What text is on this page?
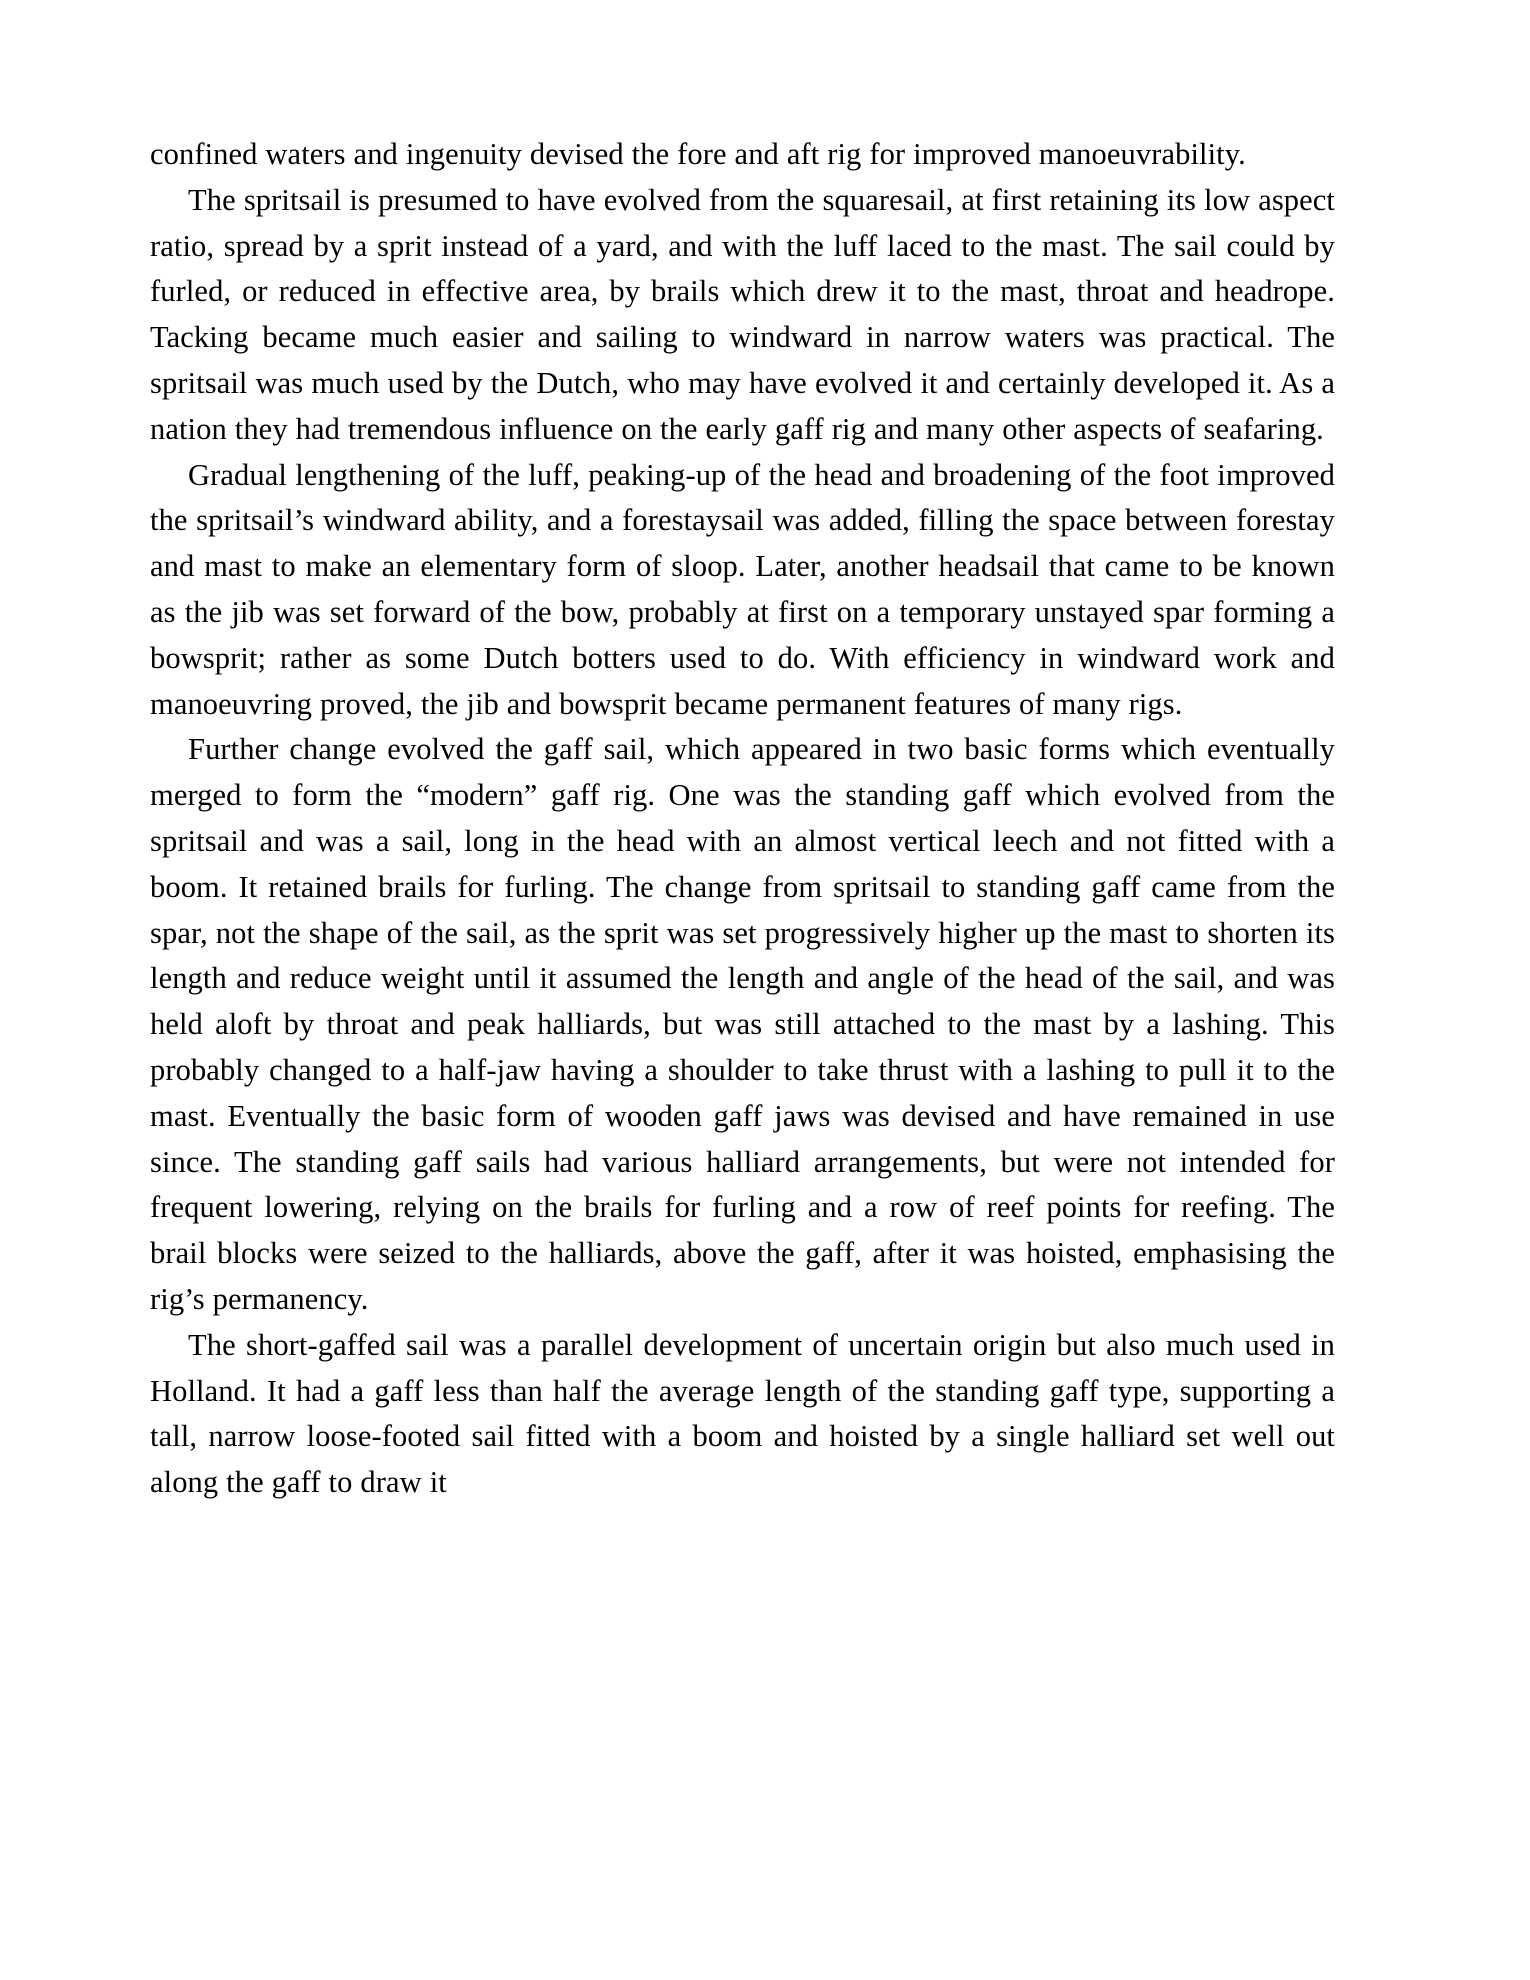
confined waters and ingenuity devised the fore and aft rig for improved manoeuvrability.

The spritsail is presumed to have evolved from the squaresail, at first retaining its low aspect ratio, spread by a sprit instead of a yard, and with the luff laced to the mast. The sail could by furled, or reduced in effective area, by brails which drew it to the mast, throat and headrope. Tacking became much easier and sailing to windward in narrow waters was practical. The spritsail was much used by the Dutch, who may have evolved it and certainly developed it. As a nation they had tremendous influence on the early gaff rig and many other aspects of seafaring.

Gradual lengthening of the luff, peaking-up of the head and broadening of the foot improved the spritsail’s windward ability, and a forestaysail was added, filling the space between forestay and mast to make an elementary form of sloop. Later, another headsail that came to be known as the jib was set forward of the bow, probably at first on a temporary unstayed spar forming a bowsprit; rather as some Dutch botters used to do. With efficiency in windward work and manoeuvring proved, the jib and bowsprit became permanent features of many rigs.

Further change evolved the gaff sail, which appeared in two basic forms which eventually merged to form the “modern” gaff rig. One was the standing gaff which evolved from the spritsail and was a sail, long in the head with an almost vertical leech and not fitted with a boom. It retained brails for furling. The change from spritsail to standing gaff came from the spar, not the shape of the sail, as the sprit was set progressively higher up the mast to shorten its length and reduce weight until it assumed the length and angle of the head of the sail, and was held aloft by throat and peak halliards, but was still attached to the mast by a lashing. This probably changed to a half-jaw having a shoulder to take thrust with a lashing to pull it to the mast. Eventually the basic form of wooden gaff jaws was devised and have remained in use since. The standing gaff sails had various halliard arrangements, but were not intended for frequent lowering, relying on the brails for furling and a row of reef points for reefing. The brail blocks were seized to the halliards, above the gaff, after it was hoisted, emphasising the rig’s permanency.

The short-gaffed sail was a parallel development of uncertain origin but also much used in Holland. It had a gaff less than half the average length of the standing gaff type, supporting a tall, narrow loose-footed sail fitted with a boom and hoisted by a single halliard set well out along the gaff to draw it
